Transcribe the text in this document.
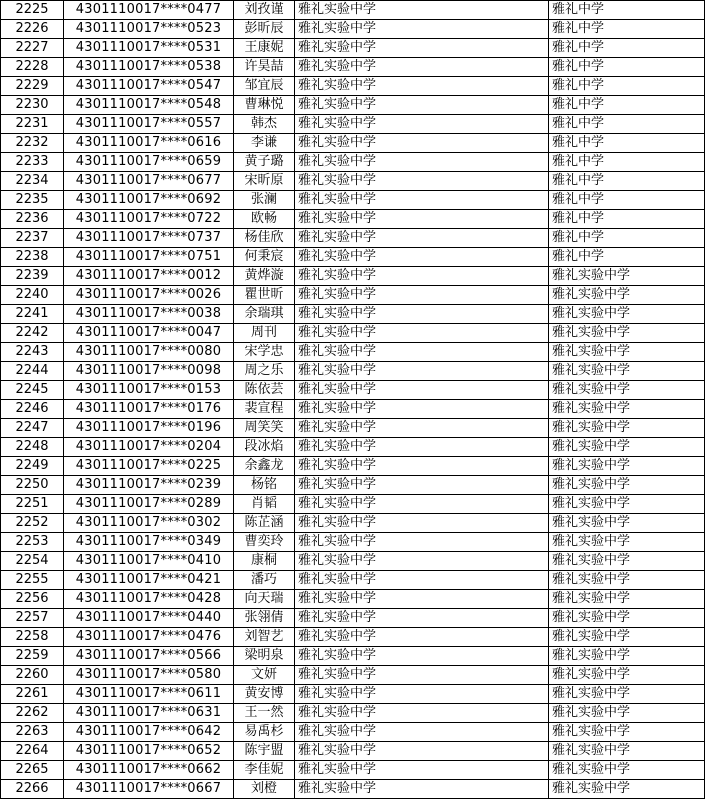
2225	4301110017****0477	刘孜谨	雅礼实验中学	雅礼中学
2226	4301110017****0523	彭昕辰	雅礼实验中学	雅礼中学
2227	4301110017****0531	王康妮	雅礼实验中学	雅礼中学
2228	4301110017****0538	许昊喆	雅礼实验中学	雅礼中学
2229	4301110017****0547	邹宜辰	雅礼实验中学	雅礼中学
2230	4301110017****0548	曹琳悦	雅礼实验中学	雅礼中学
2231	4301110017****0557	韩杰	雅礼实验中学	雅礼中学
2232	4301110017****0616	李谦	雅礼实验中学	雅礼中学
2233	4301110017****0659	黄子璐	雅礼实验中学	雅礼中学
2234	4301110017****0677	宋昕原	雅礼实验中学	雅礼中学
2235	4301110017****0692	张澜	雅礼实验中学	雅礼中学
2236	4301110017****0722	欧畅	雅礼实验中学	雅礼中学
2237	4301110017****0737	杨佳欣	雅礼实验中学	雅礼中学
2238	4301110017****0751	何秉宸	雅礼实验中学	雅礼中学
2239	4301110017****0012	黄烨漩	雅礼实验中学	雅礼实验中学
2240	4301110017****0026	瞿世昕	雅礼实验中学	雅礼实验中学
2241	4301110017****0038	余瑞琪	雅礼实验中学	雅礼实验中学
2242	4301110017****0047	周刊	雅礼实验中学	雅礼实验中学
2243	4301110017****0080	宋学忠	雅礼实验中学	雅礼实验中学
2244	4301110017****0098	周之乐	雅礼实验中学	雅礼实验中学
2245	4301110017****0153	陈依芸	雅礼实验中学	雅礼实验中学
2246	4301110017****0176	裴宣程	雅礼实验中学	雅礼实验中学
2247	4301110017****0196	周笑笑	雅礼实验中学	雅礼实验中学
2248	4301110017****0204	段冰焰	雅礼实验中学	雅礼实验中学
2249	4301110017****0225	余鑫龙	雅礼实验中学	雅礼实验中学
2250	4301110017****0239	杨铭	雅礼实验中学	雅礼实验中学
2251	4301110017****0289	肖韬	雅礼实验中学	雅礼实验中学
2252	4301110017****0302	陈芷涵	雅礼实验中学	雅礼实验中学
2253	4301110017****0349	曹奕玲	雅礼实验中学	雅礼实验中学
2254	4301110017****0410	康桐	雅礼实验中学	雅礼实验中学
2255	4301110017****0421	潘巧	雅礼实验中学	雅礼实验中学
2256	4301110017****0428	向天瑞	雅礼实验中学	雅礼实验中学
2257	4301110017****0440	张翎倩	雅礼实验中学	雅礼实验中学
2258	4301110017****0476	刘智艺	雅礼实验中学	雅礼实验中学
2259	4301110017****0566	梁明泉	雅礼实验中学	雅礼实验中学
2260	4301110017****0580	文妍	雅礼实验中学	雅礼实验中学
2261	4301110017****0611	黄安博	雅礼实验中学	雅礼实验中学
2262	4301110017****0631	王一然	雅礼实验中学	雅礼实验中学
2263	4301110017****0642	易禹杉	雅礼实验中学	雅礼实验中学
2264	4301110017****0652	陈宇盟	雅礼实验中学	雅礼实验中学
2265	4301110017****0662	李佳妮	雅礼实验中学	雅礼实验中学
2266	4301110017****0667	刘橙	雅礼实验中学	雅礼实验中学
